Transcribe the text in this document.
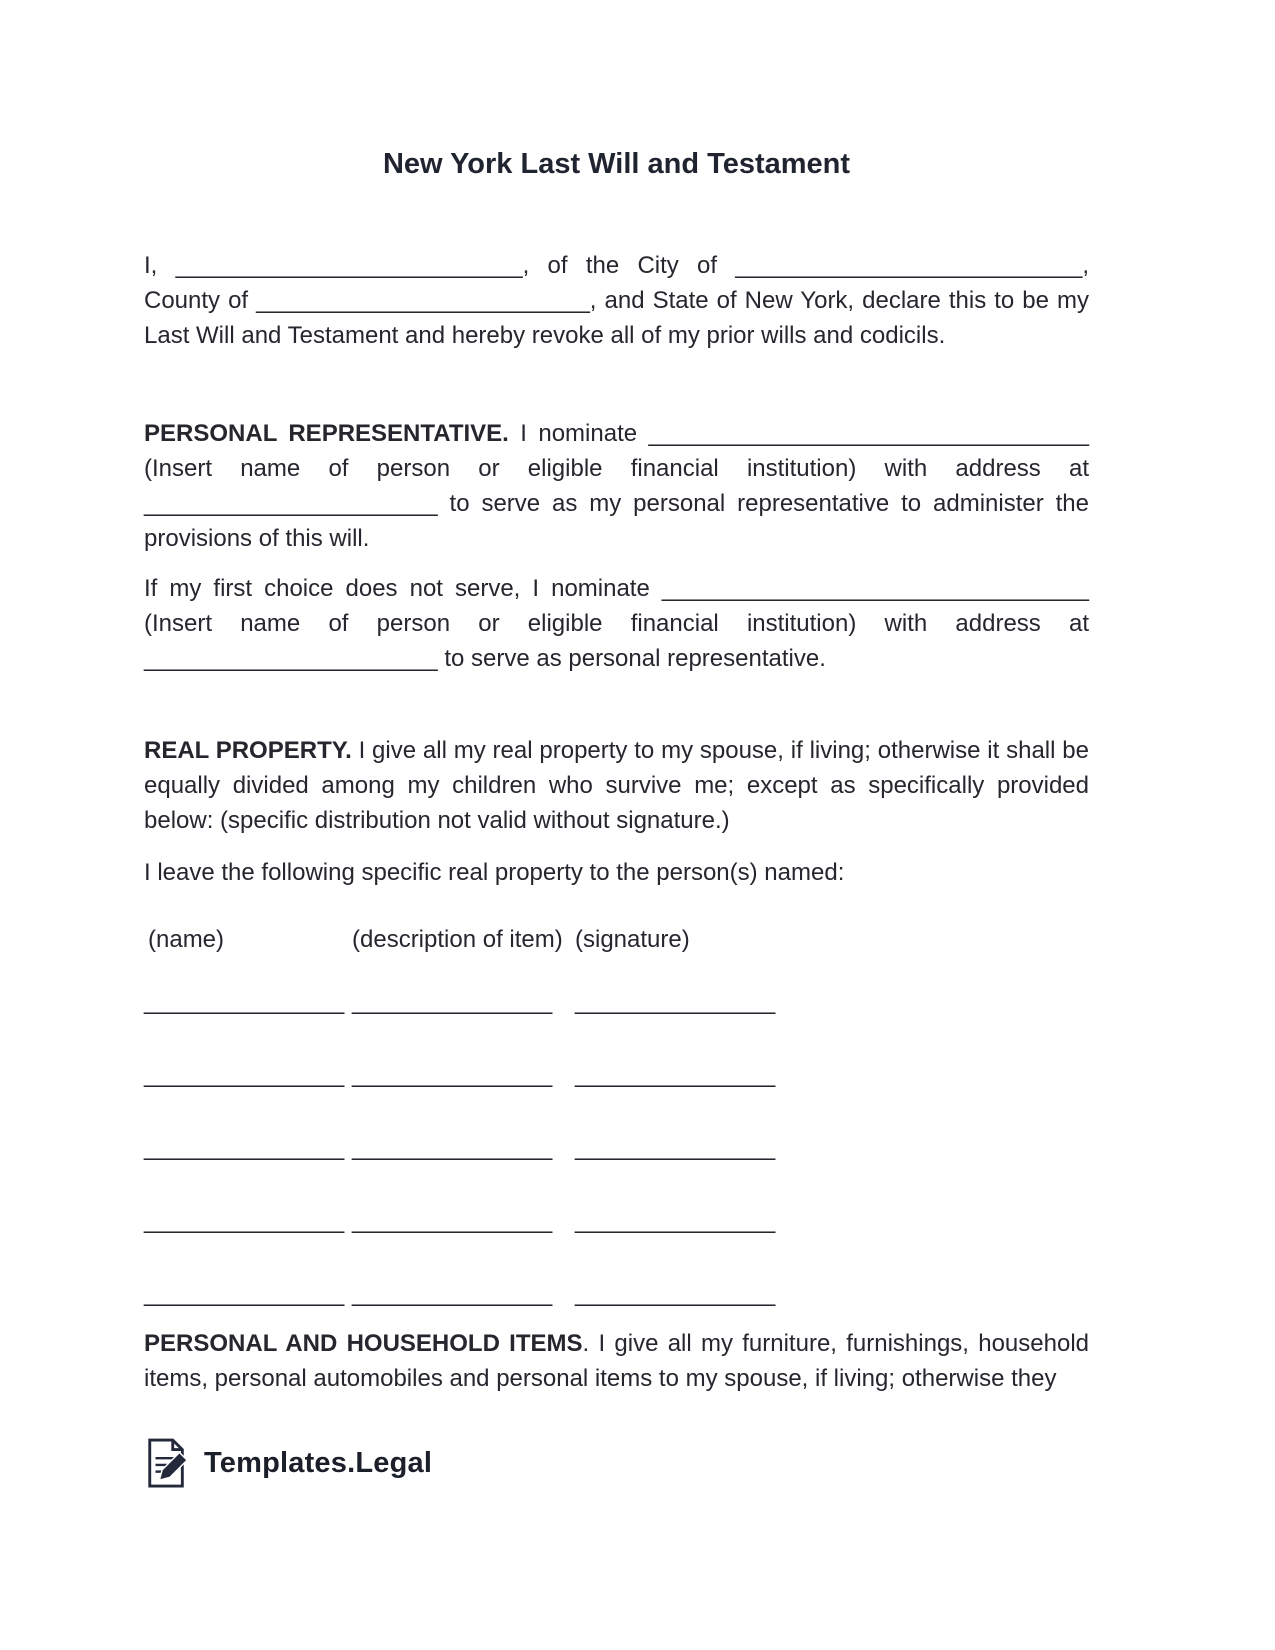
New York Last Will and Testament

I, __________________________, of the City of __________________________, County of _________________________, and State of New York, declare this to be my Last Will and Testament and hereby revoke all of my prior wills and codicils.

PERSONAL REPRESENTATIVE. I nominate _________________________________ (Insert name of person or eligible financial institution) with address at ______________________ to serve as my personal representative to administer the provisions of this will.

If my first choice does not serve, I nominate ________________________________ (Insert name of person or eligible financial institution) with address at ______________________ to serve as personal representative.

REAL PROPERTY. I give all my real property to my spouse, if living; otherwise it shall be equally divided among my children who survive me; except as specifically provided below: (specific distribution not valid without signature.)

I leave the following specific real property to the person(s) named:

(name)	(description of item) (signature)
_______________ _______________ _______________
_______________ _______________ _______________
_______________ _______________ _______________
_______________ _______________ _______________
_______________ _______________ _______________

PERSONAL AND HOUSEHOLD ITEMS. I give all my furniture, furnishings, household items, personal automobiles and personal items to my spouse, if living; otherwise they

Templates.Legal
